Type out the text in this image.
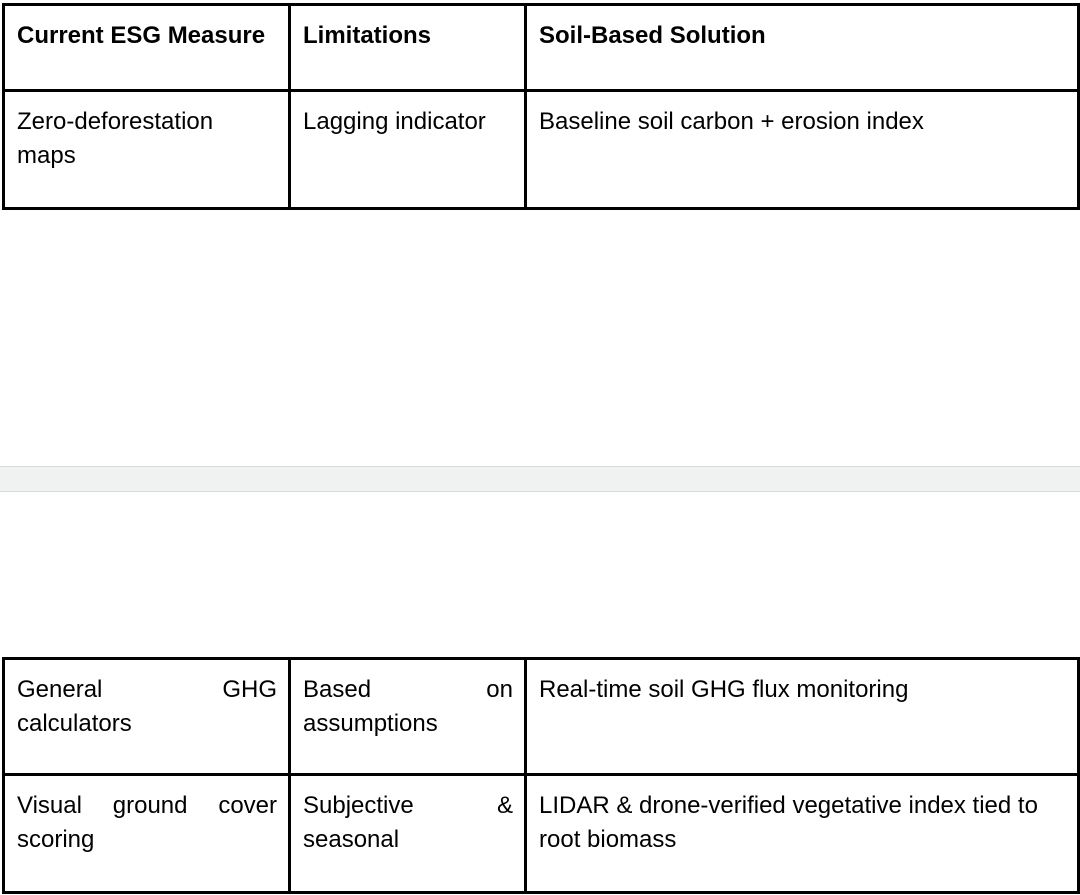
Current ESG Measure	Limitations	Soil-Based Solution
Zero-deforestation maps	Lagging indicator	Baseline soil carbon + erosion index
General GHG calculators	Based on assumptions	Real-time soil GHG flux monitoring
Visual ground cover scoring	Subjective & seasonal	LIDAR & drone-verified vegetative index tied to root biomass
